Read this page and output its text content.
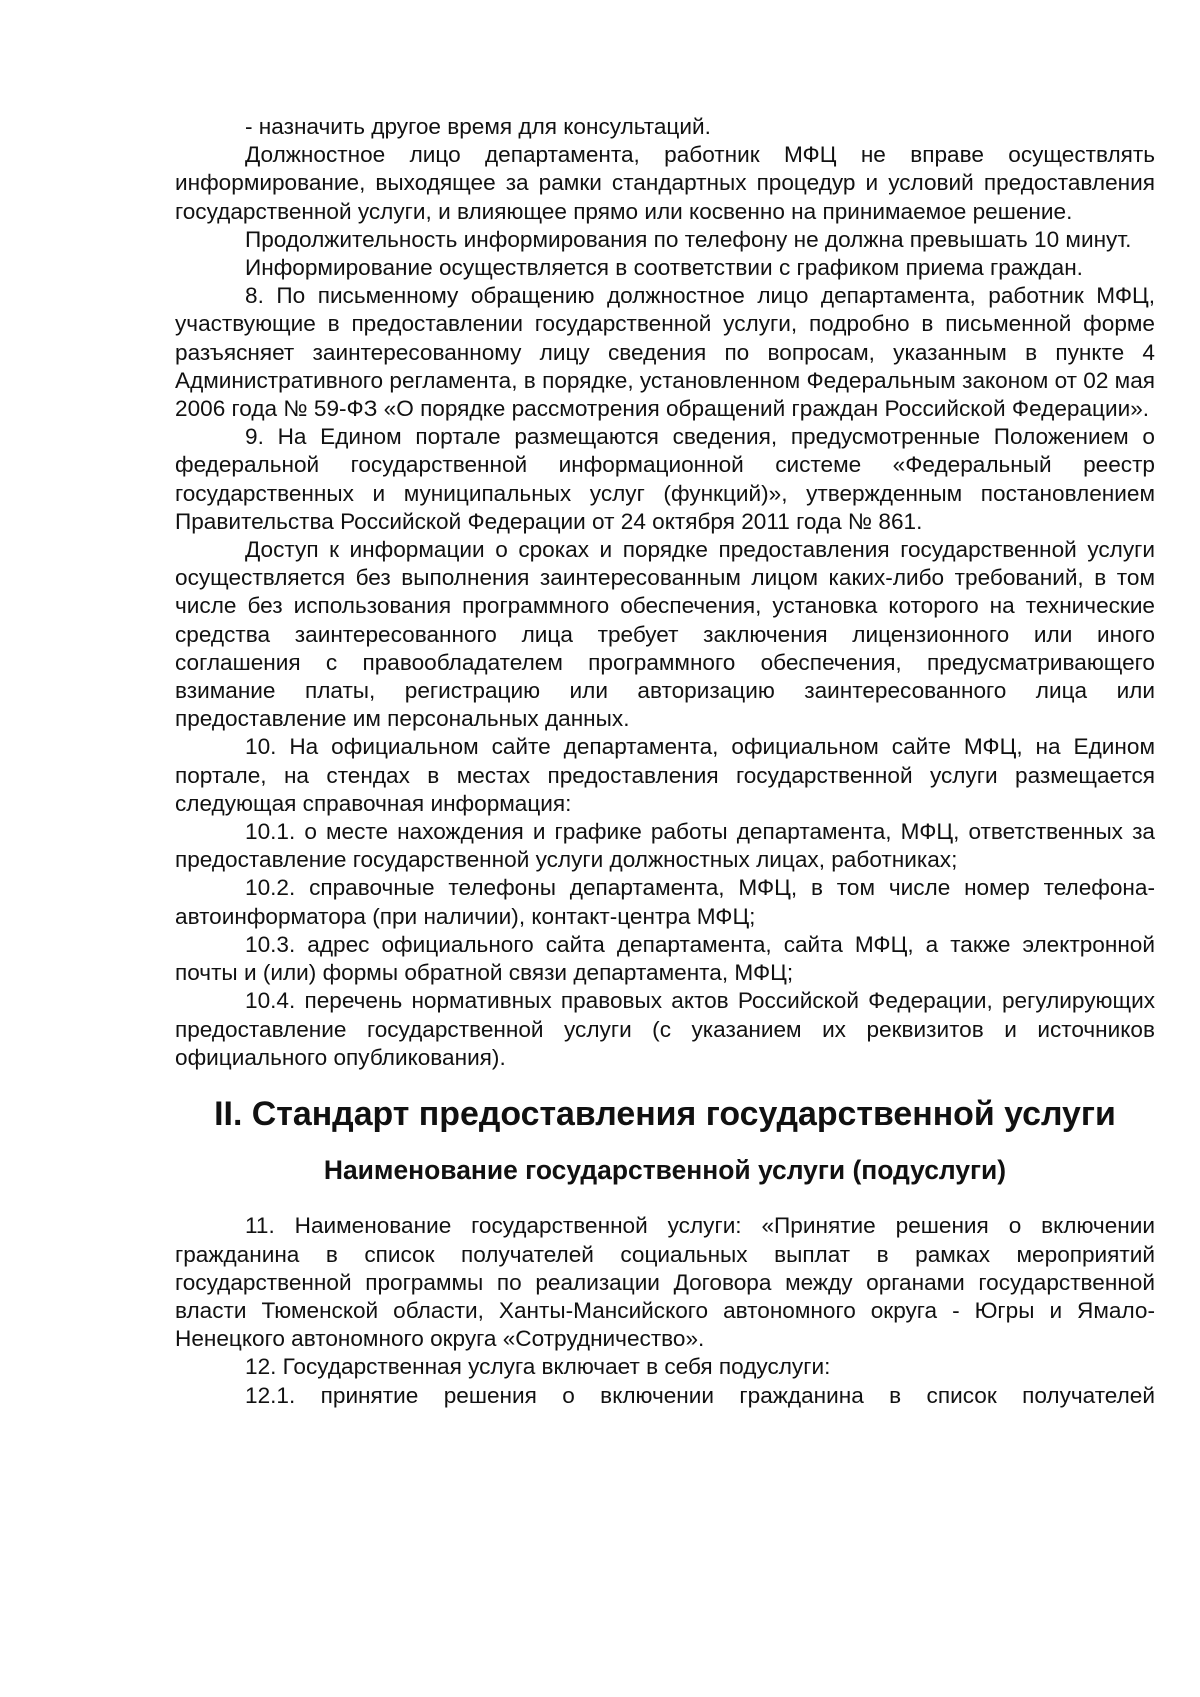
- назначить другое время для консультаций.

Должностное лицо департамента, работник МФЦ не вправе осуществлять информирование, выходящее за рамки стандартных процедур и условий предоставления государственной услуги, и влияющее прямо или косвенно на принимаемое решение.

Продолжительность информирования по телефону не должна превышать 10 минут.

Информирование осуществляется в соответствии с графиком приема граждан.

8. По письменному обращению должностное лицо департамента, работник МФЦ, участвующие в предоставлении государственной услуги, подробно в письменной форме разъясняет заинтересованному лицу сведения по вопросам, указанным в пункте 4 Административного регламента, в порядке, установленном Федеральным законом от 02 мая 2006 года № 59-ФЗ «О порядке рассмотрения обращений граждан Российской Федерации».

9. На Едином портале размещаются сведения, предусмотренные Положением о федеральной государственной информационной системе «Федеральный реестр государственных и муниципальных услуг (функций)», утвержденным постановлением Правительства Российской Федерации от 24 октября 2011 года № 861.

Доступ к информации о сроках и порядке предоставления государственной услуги осуществляется без выполнения заинтересованным лицом каких-либо требований, в том числе без использования программного обеспечения, установка которого на технические средства заинтересованного лица требует заключения лицензионного или иного соглашения с правообладателем программного обеспечения, предусматривающего взимание платы, регистрацию или авторизацию заинтересованного лица или предоставление им персональных данных.

10. На официальном сайте департамента, официальном сайте МФЦ, на Едином портале, на стендах в местах предоставления государственной услуги размещается следующая справочная информация:

10.1. о месте нахождения и графике работы департамента, МФЦ, ответственных за предоставление государственной услуги должностных лицах, работниках;

10.2. справочные телефоны департамента, МФЦ, в том числе номер телефона-автоинформатора (при наличии), контакт-центра МФЦ;

10.3. адрес официального сайта департамента, сайта МФЦ, а также электронной почты и (или) формы обратной связи департамента, МФЦ;

10.4. перечень нормативных правовых актов Российской Федерации, регулирующих предоставление государственной услуги (с указанием их реквизитов и источников официального опубликования).

II. Стандарт предоставления государственной услуги
Наименование государственной услуги (подуслуги)

11. Наименование государственной услуги: «Принятие решения о включении гражданина в список получателей социальных выплат в рамках мероприятий государственной программы по реализации Договора между органами государственной власти Тюменской области, Ханты-Мансийского автономного округа - Югры и Ямало-Ненецкого автономного округа «Сотрудничество».

12. Государственная услуга включает в себя подуслуги:

12.1. принятие решения о включении гражданина в список получателей
